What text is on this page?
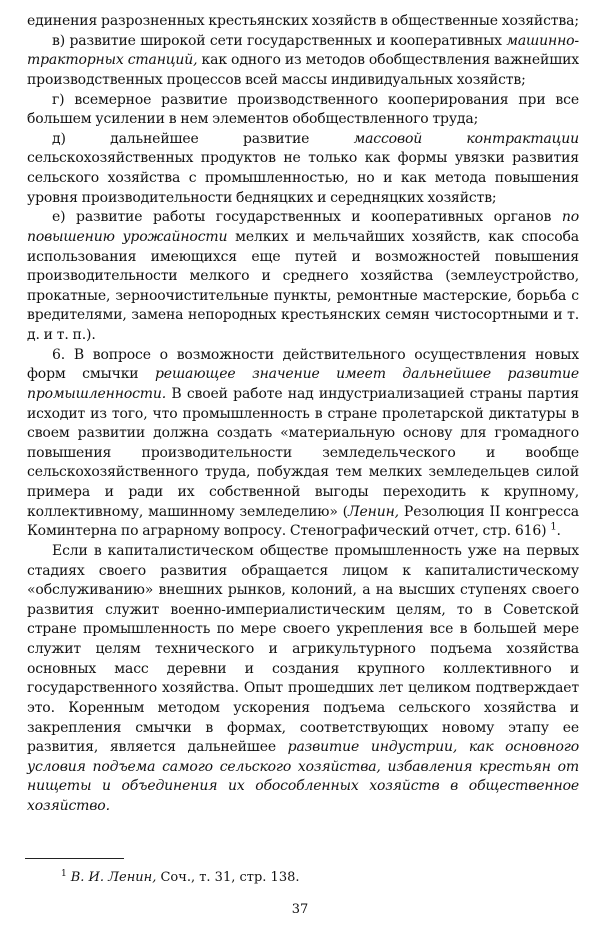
единения разрозненных крестьянских хозяйств в общественные хозяйства;

в) развитие широкой сети государственных и кооперативных машинно-тракторных станций, как одного из методов обобществления важнейших производственных процессов всей массы индивидуальных хозяйств;

г) всемерное развитие производственного кооперирования при все большем усилении в нем элементов обобществленного труда;

д) дальнейшее развитие массовой контрактации сельскохозяйственных продуктов не только как формы увязки развития сельского хозяйства с промышленностью, но и как метода повышения уровня производительности бедняцких и середняцких хозяйств;

е) развитие работы государственных и кооперативных органов по повышению урожайности мелких и мельчайших хозяйств, как способа использования имеющихся еще путей и возможностей повышения производительности мелкого и среднего хозяйства (землеустройство, прокатные, зерноочистительные пункты, ремонтные мастерские, борьба с вредителями, замена непородных крестьянских семян чистосортными и т. д. и т. п.).

6. В вопросе о возможности действительного осуществления новых форм смычки решающее значение имеет дальнейшее развитие промышленности. В своей работе над индустриализацией страны партия исходит из того, что промышленность в стране пролетарской диктатуры в своем развитии должна создать «материальную основу для громадного повышения производительности земледельческого и вообще сельскохозяйственного труда, побуждая тем мелких земледельцев силой примера и ради их собственной выгоды переходить к крупному, коллективному, машинному земледелию» (Ленин, Резолюция II конгресса Коминтерна по аграрному вопросу. Стенографический отчет, стр. 616) $^1$.

Если в капиталистическом обществе промышленность уже на первых стадиях своего развития обращается лицом к капиталистическому «обслуживанию» внешних рынков, колоний, а на высших ступенях своего развития служит военно-империалистическим целям, то в Советской стране промышленность по мере своего укрепления все в большей мере служит целям технического и агрикультурного подъема хозяйства основных масс деревни и создания крупного коллективного и государственного хозяйства. Опыт прошедших лет целиком подтверждает это. Коренным методом ускорения подъема сельского хозяйства и закрепления смычки в формах, соответствующих новому этапу ее развития, является дальнейшее развитие индустрии, как основного условия подъема самого сельского хозяйства, избавления крестьян от нищеты и объединения их обособленных хозяйств в общественное хозяйство.

$^1$ В. И. Ленин, Соч., т. 31, стр. 138.

37
